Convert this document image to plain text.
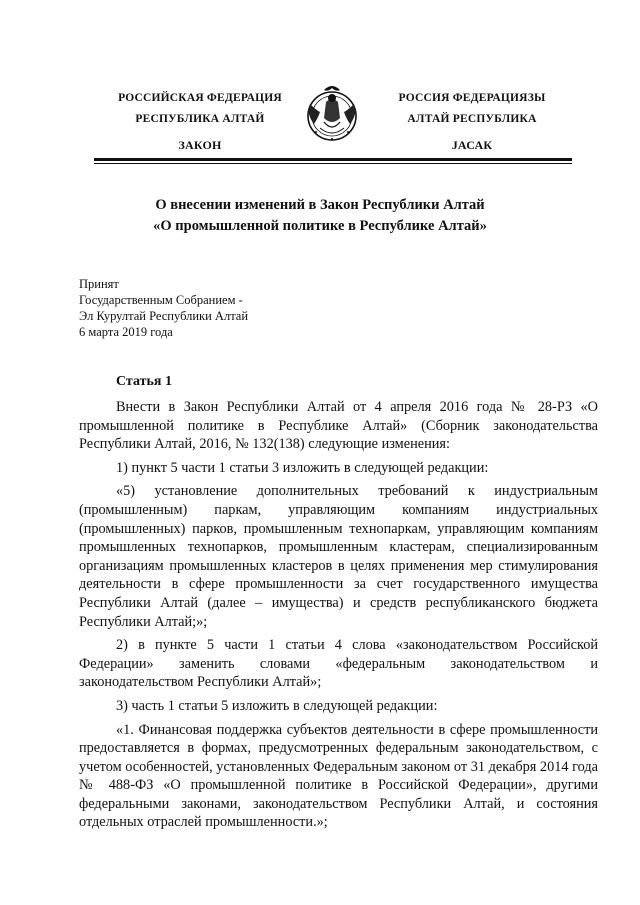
РОССИЙСКАЯ ФЕДЕРАЦИЯ
РЕСПУБЛИКА АЛТАЙ
ЗАКОН
РОССИЯ ФЕДЕРАЦИЯЗЫ
АЛТАЙ РЕСПУБЛИКА
JАСАК
О внесении изменений в Закон Республики Алтай
«О промышленной политике в Республике Алтай»
Принят
Государственным Собранием -
Эл Курултай Республики Алтай
6 марта 2019 года
Статья 1

Внести в Закон Республики Алтай от 4 апреля 2016 года № 28-РЗ «О промышленной политике в Республике Алтай» (Сборник законодательства Республики Алтай, 2016, № 132(138) следующие изменения:

1) пункт 5 части 1 статьи 3 изложить в следующей редакции:

«5) установление дополнительных требований к индустриальным (промышленным) паркам, управляющим компаниям индустриальных (промышленных) парков, промышленным технопаркам, управляющим компаниям промышленных технопарков, промышленным кластерам, специализированным организациям промышленных кластеров в целях применения мер стимулирования деятельности в сфере промышленности за счет государственного имущества Республики Алтай (далее – имущества) и средств республиканского бюджета Республики Алтай;»;

2) в пункте 5 части 1 статьи 4 слова «законодательством Российской Федерации» заменить словами «федеральным законодательством и законодательством Республики Алтай»;

3) часть 1 статьи 5 изложить в следующей редакции:

«1. Финансовая поддержка субъектов деятельности в сфере промышленности предоставляется в формах, предусмотренных федеральным законодательством, с учетом особенностей, установленных Федеральным законом от 31 декабря 2014 года № 488-ФЗ «О промышленной политике в Российской Федерации», другими федеральными законами, законодательством Республики Алтай, и состояния отдельных отраслей промышленности.»;
